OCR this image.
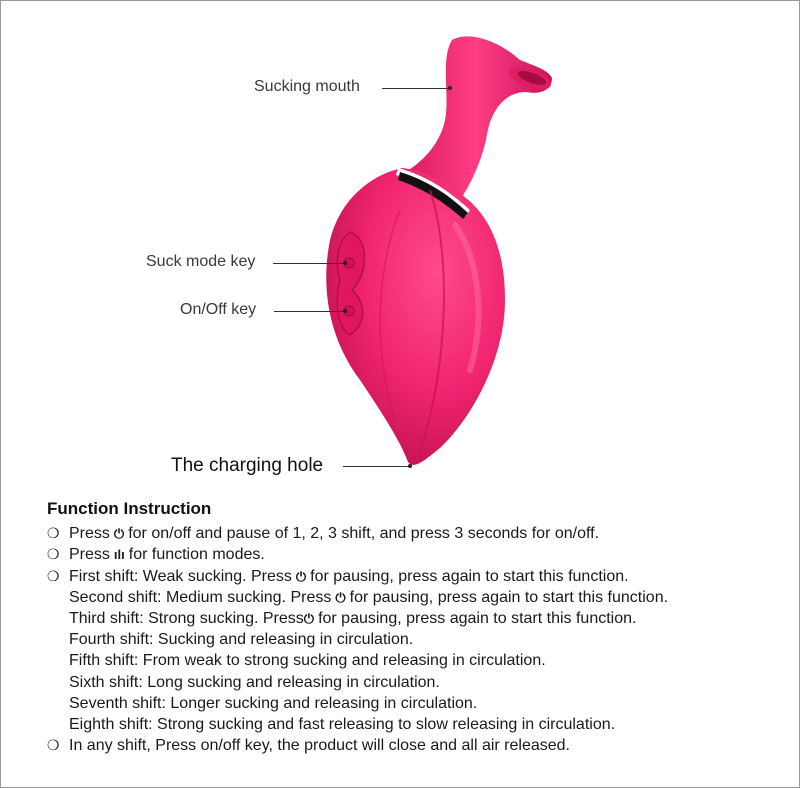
Sucking mouth
Suck mode key
On/Off key
The charging hole
Function Instruction
❍ Press ⏻ for on/off and pause of 1, 2, 3 shift, and press 3 seconds for on/off.
❍ Press ılı for function modes.
❍ First shift: Weak sucking. Press ⏻ for pausing, press again to start this function.
Second shift: Medium sucking. Press ⏻ for pausing, press again to start this function.
Third shift: Strong sucking. Press⏻ for pausing, press again to start this function.
Fourth shift: Sucking and releasing in circulation.
Fifth shift: From weak to strong sucking and releasing in circulation.
Sixth shift: Long sucking and releasing in circulation.
Seventh shift: Longer sucking and releasing in circulation.
Eighth shift: Strong sucking and fast releasing to slow releasing in circulation.
❍ In any shift, Press on/off key, the product will close and all air released.
